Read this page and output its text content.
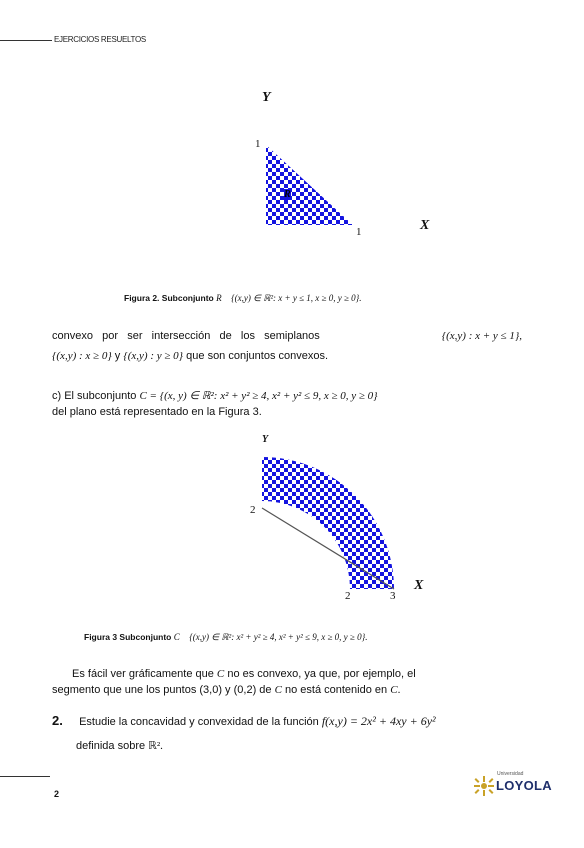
EJERCICIOS RESUELTOS
Y
1
R
1	X
Figura 2. Subconjunto R {(x,y) ∈ ℝ²: x + y ≤ 1, x ≥ 0, y ≥ 0}.
convexo   por   ser   intersección   de   los   semiplanos	{(x,y) : x + y ≤ 1},
{(x,y) : x ≥ 0} y {(x,y) : y ≥ 0} que son conjuntos convexos.
c) El subconjunto C = {(x, y) ∈ ℝ²: x² + y² ≥ 4, x² + y² ≤ 9, x ≥ 0, y ≥ 0}
del plano está representado en la Figura 3.
Y
2
2	3
X
Figura 3 Subconjunto C {(x,y) ∈ ℝ²: x² + y² ≥ 4, x² + y² ≤ 9, x ≥ 0, y ≥ 0}.
Es fácil ver gráficamente que C no es convexo, ya que, por ejemplo, el
segmento que une los puntos (3,0) y (0,2) de C no está contenido en C.
2. Estudie la concavidad y convexidad de la función f(x,y) = 2x² + 4xy + 6y²
definida sobre ℝ².
2
Universidad
LOYOLA
